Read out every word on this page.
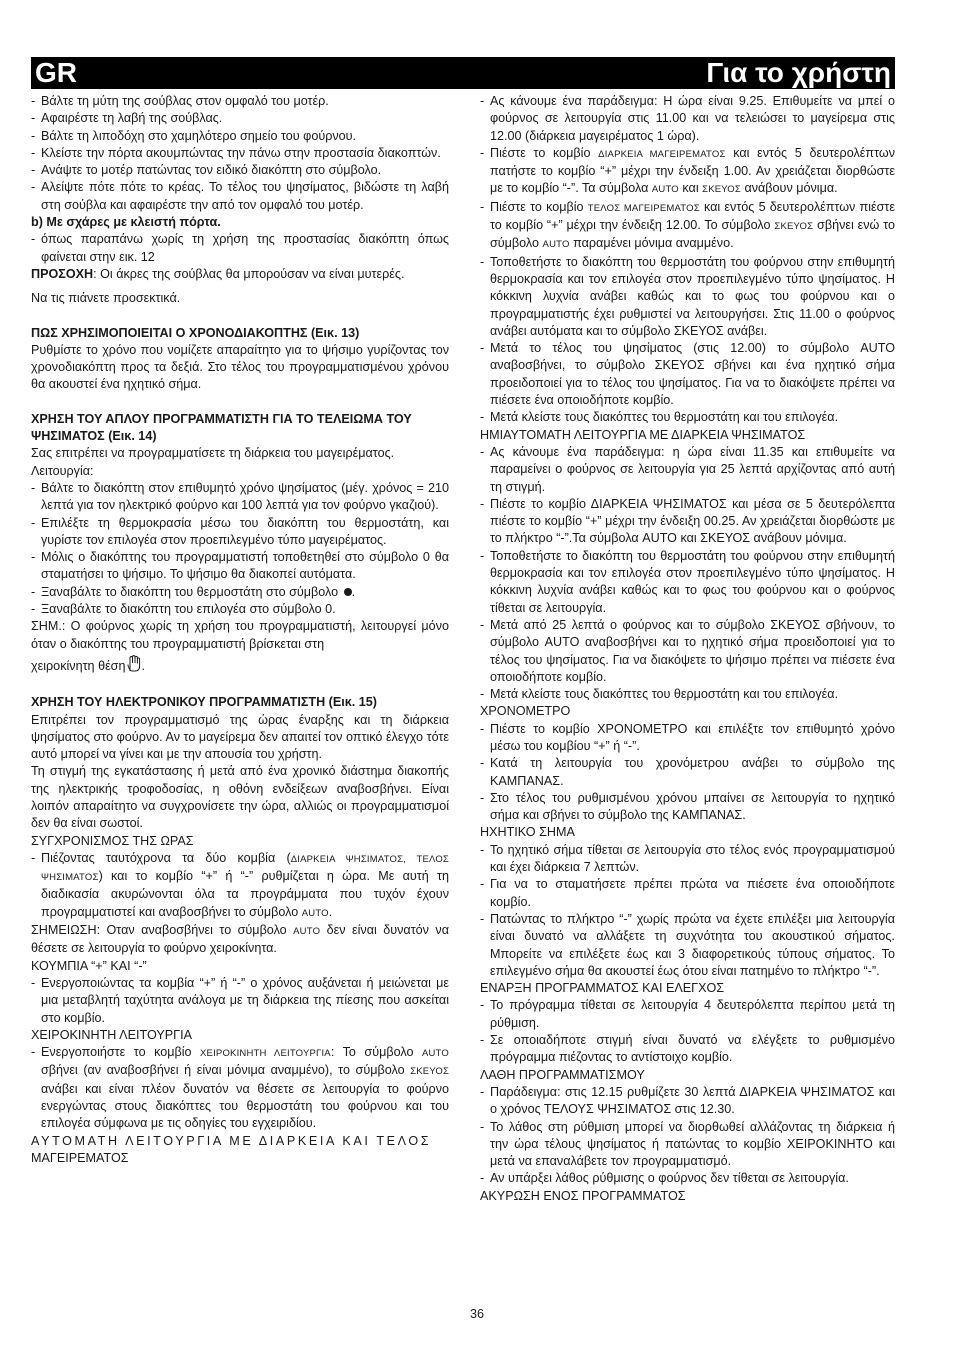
GR	Για το χρήστη

- Βάλτε τη μύτη της σούβλας στον ομφαλό του μοτέρ.

- Αφαιρέστε τη λαβή της σούβλας.

- Βάλτε τη λιποδόχη στο χαμηλότερο σημείο του φούρνου.

- Κλείστε την πόρτα ακουμπώντας την πάνω στην προστασία διακοπτών.

- Ανάψτε το μοτέρ πατώντας τον ειδικό διακόπτη στο σύμβολο.

- Αλείψτε πότε πότε το κρέας. Το τέλος του ψησίματος, βιδώστε τη λαβή στη σούβλα και αφαιρέστε την από τον ομφαλό του μοτέρ.

b) Με σχάρες με κλειστή πόρτα.

- όπως παραπάνω χωρίς τη χρήση της προστασίας διακόπτη όπως φαίνεται στην εικ. 12

ΠΡΟΣΟΧΗ: Οι άκρες της σούβλας θα μπορούσαν να είναι μυτερές.

Να τις πιάνετε προσεκτικά.

ΠΩΣ ΧΡΗΣΙΜΟΠΟΙΕΙΤΑΙ Ο ΧΡΟΝΟΔΙΑΚΟΠΤΗΣ (Εικ. 13)

Ρυθμίστε το χρόνο που νομίζετε απαραίτητο για το ψήσιμο γυρίζοντας τον χρονοδιακόπτη προς τα δεξιά. Στο τέλος του προγραμματισμένου χρόνου θα ακουστεί ένα ηχητικό σήμα.

ΧΡΗΣΗ ΤΟΥ ΑΠΛΟΥ ΠΡΟΓΡΑΜΜΑΤΙΣΤΗ ΓΙΑ ΤΟ ΤΕΛΕΙΩΜΑ ΤΟΥ ΨΗΣΙΜΑΤΟΣ (Εικ. 14)

Σας επιτρέπει να προγραμματίσετε τη διάρκεια του μαγειρέματος.

Λειτουργία:

- Βάλτε το διακόπτη στον επιθυμητό χρόνο ψησίματος (μέγ. χρόνος = 210 λεπτά για τον ηλεκτρικό φούρνο και 100 λεπτά για τον φούρνο γκαζιού).

- Επιλέξτε τη θερμοκρασία μέσω του διακόπτη του θερμοστάτη, και γυρίστε τον επιλογέα στον προεπιλεγμένο τύπο μαγειρέματος.

- Μόλις ο διακόπτης του προγραμματιστή τοποθετηθεί στο σύμβολο 0 θα σταματήσει το ψήσιμο. Το ψήσιμο θα διακοπεί αυτόματα.

- Ξαναβάλτε το διακόπτη του θερμοστάτη στο σύμβολο .

- Ξαναβάλτε το διακόπτη του επιλογέα στο σύμβολο 0.

ΣΗΜ.: Ο φούρνος χωρίς τη χρήση του προγραμματιστή, λειτουργεί μόνο όταν ο διακόπτης του προγραμματιστή βρίσκεται στη

χειροκίνητη θέση .

ΧΡΗΣΗ ΤΟΥ ΗΛΕΚΤΡΟΝΙΚΟΥ ΠΡΟΓΡΑΜΜΑΤΙΣΤΗ (Εικ. 15)

Επιτρέπει τον προγραμματισμό της ώρας έναρξης και τη διάρκεια ψησίματος στο φούρνο. Αν το μαγείρεμα δεν απαιτεί τον οπτικό έλεγχο τότε αυτό μπορεί να γίνει και με την απουσία του χρήστη.

Τη στιγμή της εγκατάστασης ή μετά από ένα χρονικό διάστημα διακοπής της ηλεκτρικής τροφοδοσίας, η οθόνη ενδείξεων αναβοσβήνει. Είναι λοιπόν απαραίτητο να συγχρονίσετε την ώρα, αλλιώς οι προγραμματισμοί δεν θα είναι σωστοί.

ΣΥΓΧΡΟΝΙΣΜΟΣ ΤΗΣ ΩΡΑΣ

- Πιέζοντας ταυτόχρονα τα δύο κομβία (ΔΙΑΡΚΕΙΑ ΨΗΣΙΜΑΤΟΣ, ΤΕΛΟΣ ΨΗΣΙΜΑΤΟΣ) και το κομβίο “+” ή “-” ρυθμίζεται η ώρα. Με αυτή τη διαδικασία ακυρώνονται όλα τα προγράμματα που τυχόν έχουν προγραμματιστεί και αναβοσβήνει το σύμβολο AUTO.

ΣΗΜΕΙΩΣΗ: Οταν αναβοσβήνει το σύμβολο AUTO δεν είναι δυνατόν να θέσετε σε λειτουργία το φούρνο χειροκίνητα.

ΚΟΥΜΠΙΑ “+” ΚΑΙ “-”

- Ενεργοποιώντας τα κομβία “+” ή “-” ο χρόνος αυξάνεται ή μειώνεται με μια μεταβλητή ταχύτητα ανάλογα με τη διάρκεια της πίεσης που ασκείται στο κομβίο.

ΧΕΙΡΟΚΙΝΗΤΗ ΛΕΙΤΟΥΡΓΙΑ

- Ενεργοποιήστε το κομβίο ΧΕΙΡΟΚΙΝΗΤΗ ΛΕΙΤΟΥΡΓΙΑ: Το σύμβολο AUTO σβήνει (αν αναβοσβήνει ή είναι μόνιμα αναμμένο), το σύμβολο ΣΚΕΥΟΣ ανάβει και είναι πλέον δυνατόν να θέσετε σε λειτουργία το φούρνο ενεργώντας στους διακόπτες του θερμοστάτη του φούρνου και του επιλογέα σύμφωνα με τις οδηγίες του εγχειριδίου.

ΑΥΤΟΜΑΤΗ ΛΕΙΤΟΥΡΓΙΑ ΜΕ ΔΙΑΡΚΕΙΑ ΚΑΙ ΤΕΛΟΣ

ΜΑΓΕΙΡΕΜΑΤΟΣ

- Ας κάνουμε ένα παράδειγμα: Η ώρα είναι 9.25. Επιθυμείτε να μπεί ο φούρνος σε λειτουργία στις 11.00 και να τελειώσει το μαγείρεμα στις 12.00 (διάρκεια μαγειρέματος 1 ώρα).

- Πιέστε το κομβίο ΔΙΑΡΚΕΙΑ ΜΑΓΕΙΡΕΜΑΤΟΣ και εντός 5 δευτερολέπτων πατήστε το κομβίο “+” μέχρι την ένδειξη 1.00. Αν χρειάζεται διορθώστε με το κομβίο “-”. Τα σύμβολα AUTO και ΣΚΕΥΟΣ ανάβουν μόνιμα.

- Πιέστε το κομβίο ΤΕΛΟΣ ΜΑΓΕΙΡΕΜΑΤΟΣ και εντός 5 δευτερολέπτων πιέστε το κομβίο “+” μέχρι την ένδειξη 12.00. Το σύμβολο ΣΚΕΥΟΣ σβήνει ενώ το σύμβολο AUTO παραμένει μόνιμα αναμμένο.

- Τοποθετήστε το διακόπτη του θερμοστάτη του φούρνου στην επιθυμητή θερμοκρασία και τον επιλογέα στον προεπιλεγμένο τύπο ψησίματος. Η κόκκινη λυχνία ανάβει καθώς και το φως του φούρνου και ο προγραμματιστής έχει ρυθμιστεί να λειτουργήσει. Στις 11.00 ο φούρνος ανάβει αυτόματα και το σύμβολο ΣΚΕΥΟΣ ανάβει.

- Μετά το τέλος του ψησίματος (στις 12.00) το σύμβολο AUTO αναβοσβήνει, το σύμβολο ΣΚΕΥΟΣ σβήνει και ένα ηχητικό σήμα προειδοποιεί για το τέλος του ψησίματος. Για να το διακόψετε πρέπει να πιέσετε ένα οποιοδήποτε κομβίο.

- Μετά κλείστε τους διακόπτες του θερμοστάτη και του επιλογέα.

ΗΜΙΑΥΤΟΜΑΤΗ ΛΕΙΤΟΥΡΓΙΑ ΜΕ ΔΙΑΡΚΕΙΑ ΨΗΣΙΜΑΤΟΣ

- Ας κάνουμε ένα παράδειγμα: η ώρα είναι 11.35 και επιθυμείτε να παραμείνει ο φούρνος σε λειτουργία για 25 λεπτά αρχίζοντας από αυτή τη στιγμή.

- Πιέστε το κομβίο ΔΙΑΡΚΕΙΑ ΨΗΣΙΜΑΤΟΣ και μέσα σε 5 δευτερόλεπτα πιέστε το κομβίο “+” μέχρι την ένδειξη 00.25. Αν χρειάζεται διορθώστε με το πλήκτρο “-”.Τα σύμβολα AUTO και ΣΚΕΥΟΣ ανάβουν μόνιμα.

- Τοποθετήστε το διακόπτη του θερμοστάτη του φούρνου στην επιθυμητή θερμοκρασία και τον επιλογέα στον προεπιλεγμένο τύπο ψησίματος. Η κόκκινη λυχνία ανάβει καθώς και το φως του φούρνου και ο φούρνος τίθεται σε λειτουργία.

- Μετά από 25 λεπτά ο φούρνος και το σύμβολο ΣΚΕΥΟΣ σβήνουν, το σύμβολο AUTO αναβοσβήνει και το ηχητικό σήμα προειδοποιεί για το τέλος του ψησίματος. Για να διακόψετε το ψήσιμο πρέπει να πιέσετε ένα οποιοδήποτε κομβίο.

- Μετά κλείστε τους διακόπτες του θερμοστάτη και του επιλογέα.

ΧΡΟΝΟΜΕΤΡΟ

- Πιέστε το κομβίο ΧΡΟΝΟΜΕΤΡΟ και επιλέξτε τον επιθυμητό χρόνο μέσω του κομβίου “+” ή “-”.

- Κατά τη λειτουργία του χρονόμετρου ανάβει το σύμβολο της ΚΑΜΠΑΝΑΣ.

- Στο τέλος του ρυθμισμένου χρόνου μπαίνει σε λειτουργία το ηχητικό σήμα και σβήνει το σύμβολο της ΚΑΜΠΑΝΑΣ.

ΗΧΗΤΙΚΟ ΣΗΜΑ

- Το ηχητικό σήμα τίθεται σε λειτουργία στο τέλος ενός προγραμματισμού και έχει διάρκεια 7 λεπτών.

- Για να το σταματήσετε πρέπει πρώτα να πιέσετε ένα οποιοδήποτε κομβίο.

- Πατώντας το πλήκτρο “-” χωρίς πρώτα να έχετε επιλέξει μια λειτουργία είναι δυνατό να αλλάξετε τη συχνότητα του ακουστικού σήματος. Μπορείτε να επιλέξετε έως και 3 διαφορετικούς τύπους σήματος. Το επιλεγμένο σήμα θα ακουστεί έως ότου είναι πατημένο το πλήκτρο “-”.

ΕΝΑΡΞΗ ΠΡΟΓΡΑΜΜΑΤΟΣ ΚΑΙ ΕΛΕΓΧΟΣ

- Το πρόγραμμα τίθεται σε λειτουργία 4 δευτερόλεπτα περίπου μετά τη ρύθμιση.

- Σε οποιαδήποτε στιγμή είναι δυνατό να ελέγξετε το ρυθμισμένο πρόγραμμα πιέζοντας το αντίστοιχο κομβίο.

ΛΑΘΗ ΠΡΟΓΡΑΜΜΑΤΙΣΜΟΥ

- Παράδειγμα: στις 12.15 ρυθμίζετε 30 λεπτά ΔΙΑΡΚΕΙΑ ΨΗΣΙΜΑΤΟΣ και ο χρόνος ΤΕΛΟΥΣ ΨΗΣΙΜΑΤΟΣ στις 12.30.

- Το λάθος στη ρύθμιση μπορεί να διορθωθεί αλλάζοντας τη διάρκεια ή την ώρα τέλους ψησίματος ή πατώντας το κομβίο ΧΕΙΡΟΚΙΝΗΤΟ και μετά να επαναλάβετε τον προγραμματισμό.

- Αν υπάρξει λάθος ρύθμισης ο φούρνος δεν τίθεται σε λειτουργία.

ΑΚΥΡΩΣΗ ΕΝΟΣ ΠΡΟΓΡΑΜΜΑΤΟΣ

36
